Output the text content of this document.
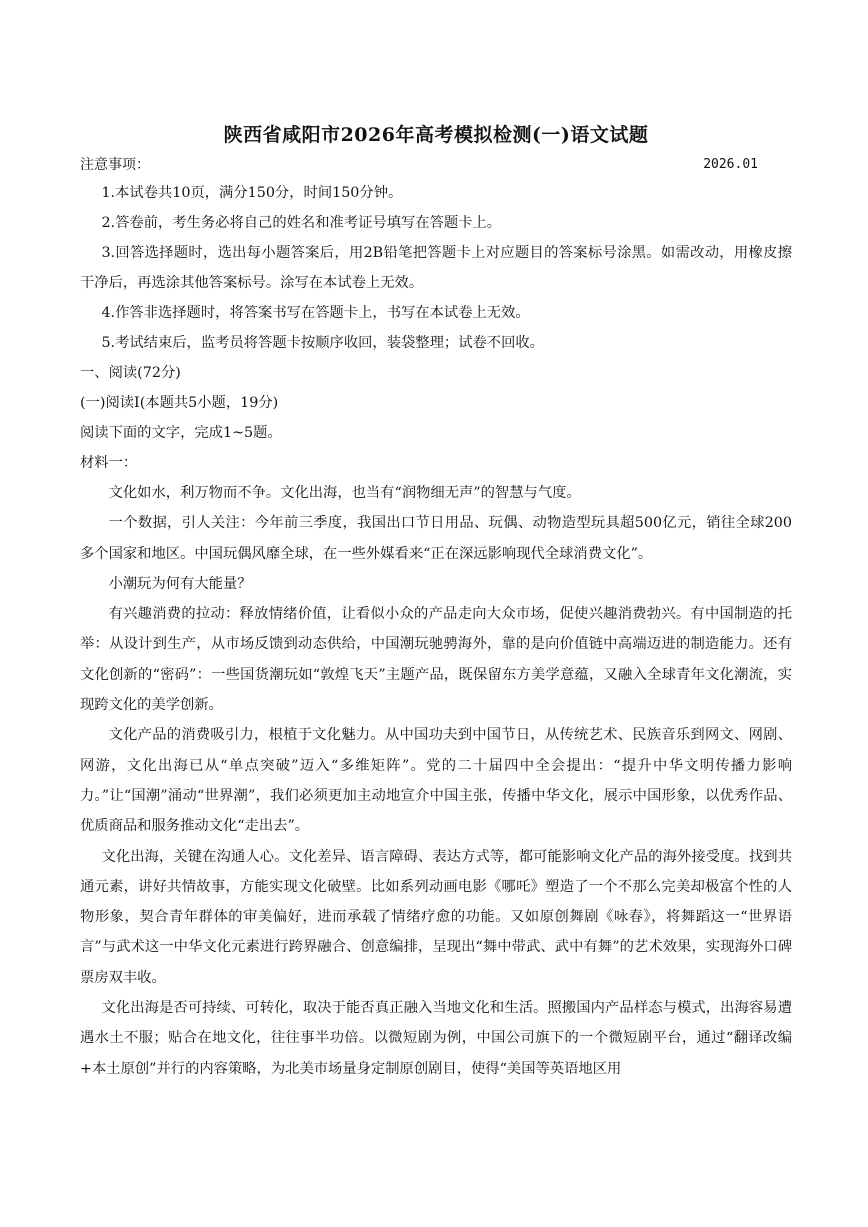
陕西省咸阳市2026年高考模拟检测(一)语文试题
注意事项：	2026.01

1.本试卷共10页，满分150分，时间150分钟。

2.答卷前，考生务必将自己的姓名和准考证号填写在答题卡上。

3.回答选择题时，选出每小题答案后，用2B铅笔把答题卡上对应题目的答案标号涂黑。如需改动，用橡皮擦干净后，再选涂其他答案标号。涂写在本试卷上无效。

4.作答非选择题时，将答案书写在答题卡上，书写在本试卷上无效。

5.考试结束后，监考员将答题卡按顺序收回，装袋整理；试卷不回收。

一、阅读(72分)

(一)阅读Ⅰ(本题共5小题，19分)

阅读下面的文字，完成1~5题。

材料一：

文化如水，利万物而不争。文化出海，也当有“润物细无声”的智慧与气度。

一个数据，引人关注：今年前三季度，我国出口节日用品、玩偶、动物造型玩具超500亿元，销往全球200多个国家和地区。中国玩偶风靡全球，在一些外媒看来“正在深远影响现代全球消费文化”。

小潮玩为何有大能量？

有兴趣消费的拉动：释放情绪价值，让看似小众的产品走向大众市场，促使兴趣消费勃兴。有中国制造的托举：从设计到生产，从市场反馈到动态供给，中国潮玩驰骋海外，靠的是向价值链中高端迈进的制造能力。还有文化创新的“密码”：一些国货潮玩如“敦煌飞天”主题产品，既保留东方美学意蕴，又融入全球青年文化潮流，实现跨文化的美学创新。

文化产品的消费吸引力，根植于文化魅力。从中国功夫到中国节日，从传统艺术、民族音乐到网文、网剧、网游，文化出海已从“单点突破”迈入“多维矩阵”。党的二十届四中全会提出：“提升中华文明传播力影响力。”让“国潮”涌动“世界潮”，我们必须更加主动地宣介中国主张，传播中华文化，展示中国形象，以优秀作品、优质商品和服务推动文化“走出去”。

文化出海，关键在沟通人心。文化差异、语言障碍、表达方式等，都可能影响文化产品的海外接受度。找到共通元素，讲好共情故事，方能实现文化破壁。比如系列动画电影《哪吒》塑造了一个不那么完美却极富个性的人物形象，契合青年群体的审美偏好，进而承载了情绪疗愈的功能。又如原创舞剧《咏春》，将舞蹈这一“世界语言”与武术这一中华文化元素进行跨界融合、创意编排，呈现出“舞中带武、武中有舞”的艺术效果，实现海外口碑票房双丰收。

文化出海是否可持续、可转化，取决于能否真正融入当地文化和生活。照搬国内产品样态与模式，出海容易遭遇水土不服；贴合在地文化，往往事半功倍。以微短剧为例，中国公司旗下的一个微短剧平台，通过“翻译改编+本土原创”并行的内容策略，为北美市场量身定制原创剧目，使得“美国等英语地区用
